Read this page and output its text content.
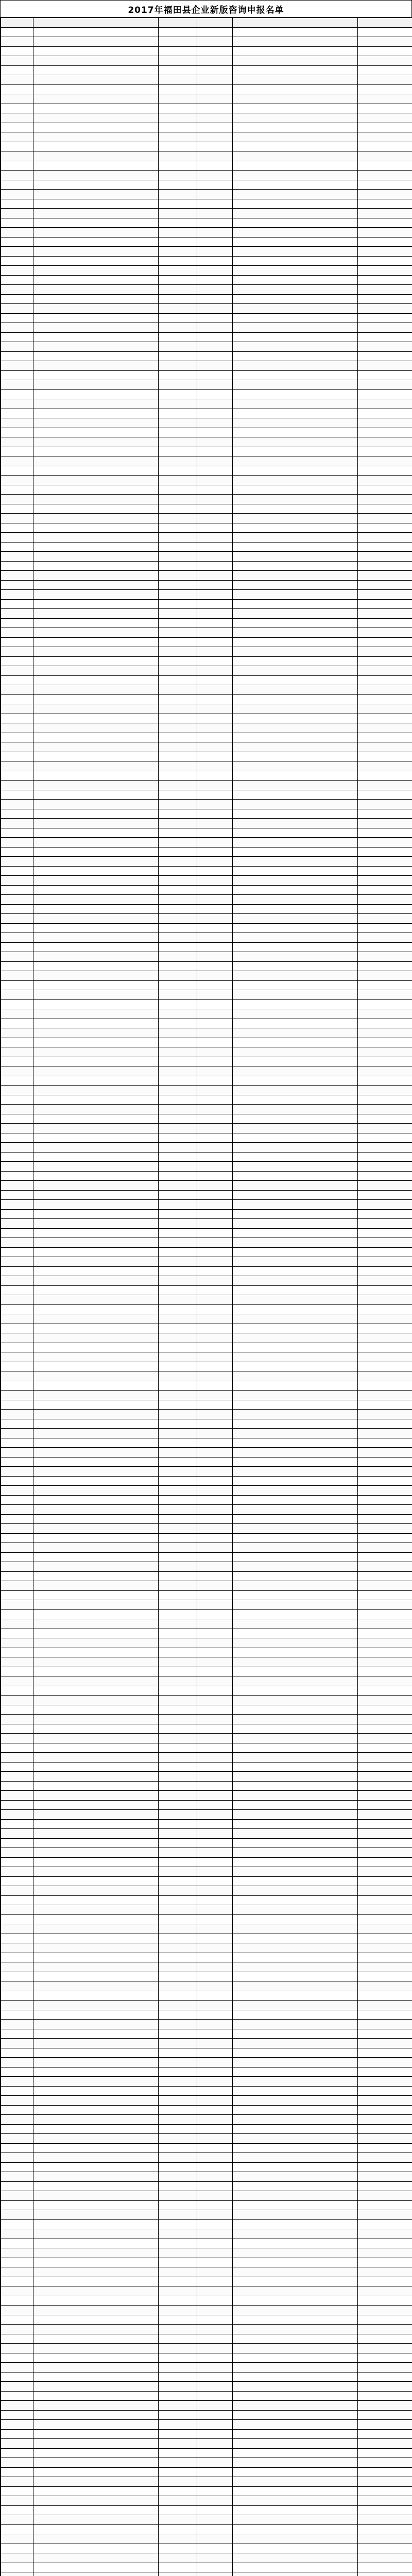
2017年福田县企业新版咨询申报名单
